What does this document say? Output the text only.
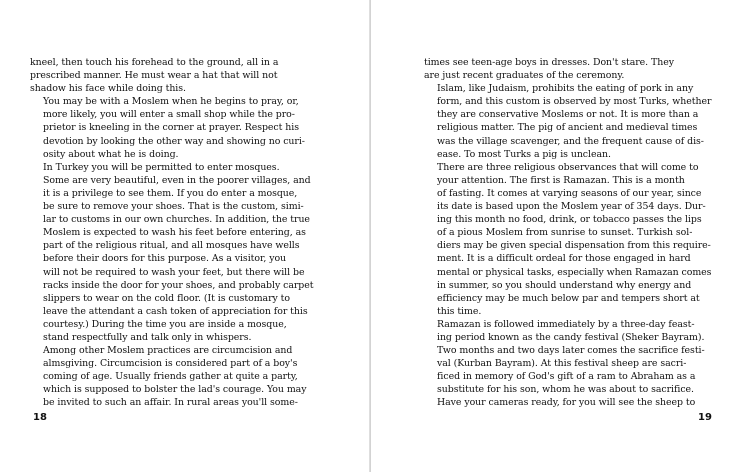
kneel, then touch his forehead to the ground, all in a
prescribed manner. He must wear a hat that will not
shadow his face while doing this.

You may be with a Moslem when he begins to pray, or,
more likely, you will enter a small shop while the pro-
prietor is kneeling in the corner at prayer. Respect his
devotion by looking the other way and showing no curi-
osity about what he is doing.

In Turkey you will be permitted to enter mosques.
Some are very beautiful, even in the poorer villages, and
it is a privilege to see them. If you do enter a mosque,
be sure to remove your shoes. That is the custom, simi-
lar to customs in our own churches. In addition, the true
Moslem is expected to wash his feet before entering, as
part of the religious ritual, and all mosques have wells
before their doors for this purpose. As a visitor, you
will not be required to wash your feet, but there will be
racks inside the door for your shoes, and probably carpet
slippers to wear on the cold floor. (It is customary to
leave the attendant a cash token of appreciation for this
courtesy.) During the time you are inside a mosque,
stand respectfully and talk only in whispers.

Among other Moslem practices are circumcision and
almsgiving. Circumcision is considered part of a boy's
coming of age. Usually friends gather at quite a party,
which is supposed to bolster the lad's courage. You may
be invited to such an affair. In rural areas you'll some-

18

times see teen-age boys in dresses. Don't stare. They
are just recent graduates of the ceremony.

Islam, like Judaism, prohibits the eating of pork in any
form, and this custom is observed by most Turks, whether
they are conservative Moslems or not. It is more than a
religious matter. The pig of ancient and medieval times
was the village scavenger, and the frequent cause of dis-
ease. To most Turks a pig is unclean.

There are three religious observances that will come to
your attention. The first is Ramazan. This is a month
of fasting. It comes at varying seasons of our year, since
its date is based upon the Moslem year of 354 days. Dur-
ing this month no food, drink, or tobacco passes the lips
of a pious Moslem from sunrise to sunset. Turkish sol-
diers may be given special dispensation from this require-
ment. It is a difficult ordeal for those engaged in hard
mental or physical tasks, especially when Ramazan comes
in summer, so you should understand why energy and
efficiency may be much below par and tempers short at
this time.

Ramazan is followed immediately by a three-day feast-
ing period known as the candy festival (Sheker Bayram).
Two months and two days later comes the sacrifice festi-
val (Kurban Bayram). At this festival sheep are sacri-
ficed in memory of God's gift of a ram to Abraham as a
substitute for his son, whom he was about to sacrifice.
Have your cameras ready, for you will see the sheep to

19
